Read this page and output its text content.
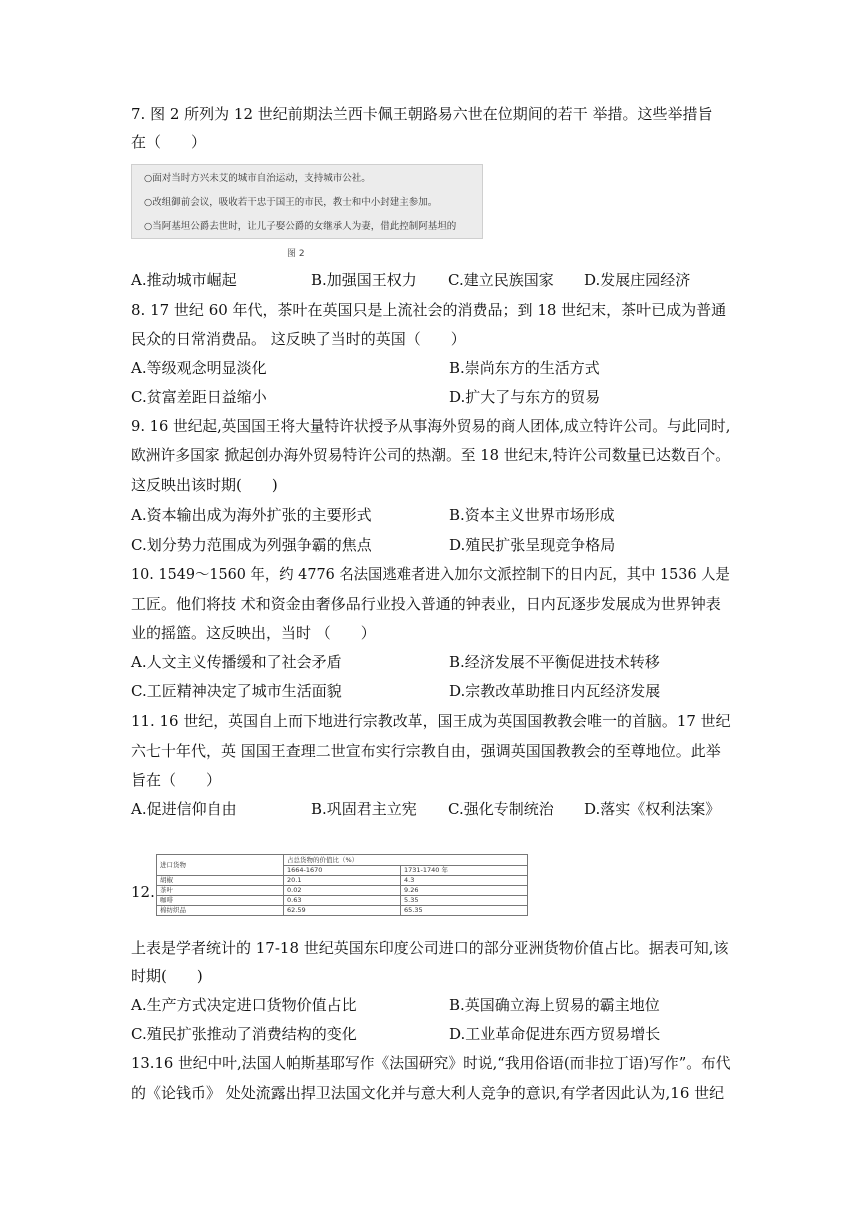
7. 图 2 所列为 12 世纪前期法兰西卡佩王朝路易六世在位期间的若干 举措。这些举措旨
在（　　）
○面对当时方兴未艾的城市自治运动，支持城市公社。
○改组御前会议，吸收若干忠于国王的市民，教士和中小封建主参加。
○当阿基坦公爵去世时，让儿子娶公爵的女继承人为妻，借此控制阿基坦的
图 2
A.推动城市崛起	B.加强国王权力 C.建立民族国家 D.发展庄园经济
8. 17 世纪 60 年代，茶叶在英国只是上流社会的消费品；到 18 世纪末，茶叶已成为普通
民众的日常消费品。 这反映了当时的英国（　　）
A.等级观念明显淡化	B.崇尚东方的生活方式
C.贫富差距日益缩小	D.扩大了与东方的贸易
9. 16 世纪起,英国国王将大量特许状授予从事海外贸易的商人团体,成立特许公司。与此同时,
欧洲许多国家 掀起创办海外贸易特许公司的热潮。至 18 世纪末,特许公司数量已达数百个。
这反映出该时期(　　)
A.资本输出成为海外扩张的主要形式	B.资本主义世界市场形成
C.划分势力范围成为列强争霸的焦点	D.殖民扩张呈现竞争格局
10. 1549～1560 年，约 4776 名法国逃难者进入加尔文派控制下的日内瓦，其中 1536 人是
工匠。他们将技 术和资金由奢侈品行业投入普通的钟表业，日内瓦逐步发展成为世界钟表
业的摇篮。这反映出，当时 （　　）
A.人文主义传播缓和了社会矛盾	B.经济发展不平衡促进技术转移
C.工匠精神决定了城市生活面貌	D.宗教改革助推日内瓦经济发展
11. 16 世纪，英国自上而下地进行宗教改革，国王成为英国国教教会唯一的首脑。17 世纪
六七十年代，英 国国王查理二世宣布实行宗教自由，强调英国国教教会的至尊地位。此举
旨在（　　）
A.促进信仰自由	B.巩固君主立宪 C.强化专制统治 D.落实《权利法案》
12.
进口货物	占总货物的价值比（%）	
	1664-1670	1731-1740 年
胡椒	20.1	4.3
茶叶	0.02	9.26
咖啡	0.63	5.35
棉纺织品	62.59	65.35
上表是学者统计的 17-18 世纪英国东印度公司进口的部分亚洲货物价值占比。据表可知,该
时期(　　)
A.生产方式决定进口货物价值占比	B.英国确立海上贸易的霸主地位
C.殖民扩张推动了消费结构的变化	D.工业革命促进东西方贸易增长
13.16 世纪中叶,法国人帕斯基耶写作《法国研究》时说,“我用俗语(而非拉丁语)写作”。布代
的《论钱币》 处处流露出捍卫法国文化并与意大利人竞争的意识,有学者因此认为,16 世纪
